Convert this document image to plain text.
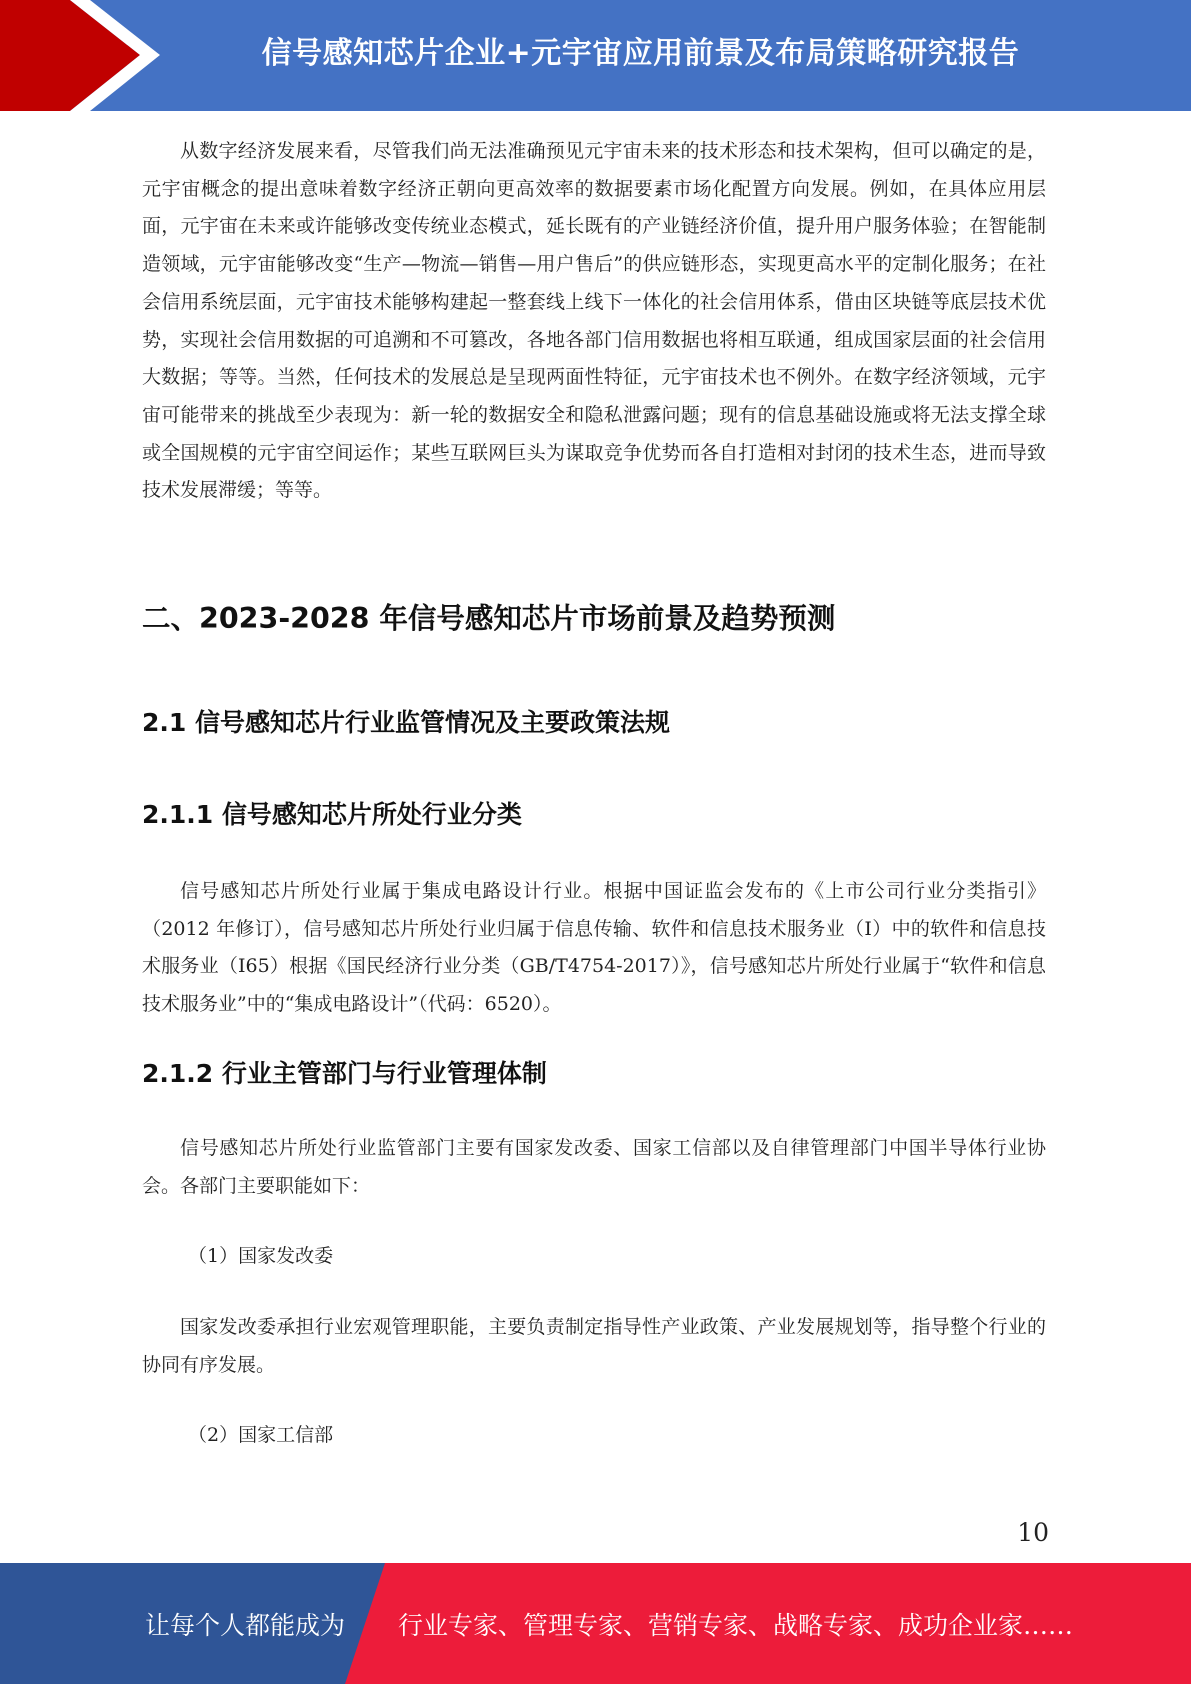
信号感知芯片企业+元宇宙应用前景及布局策略研究报告

从数字经济发展来看，尽管我们尚无法准确预见元宇宙未来的技术形态和技术架构，但可以确定的是，元宇宙概念的提出意味着数字经济正朝向更高效率的数据要素市场化配置方向发展。例如，在具体应用层面，元宇宙在未来或许能够改变传统业态模式，延长既有的产业链经济价值，提升用户服务体验；在智能制造领域，元宇宙能够改变“生产—物流—销售—用户售后”的供应链形态，实现更高水平的定制化服务；在社会信用系统层面，元宇宙技术能够构建起一整套线上线下一体化的社会信用体系，借由区块链等底层技术优势，实现社会信用数据的可追溯和不可篡改，各地各部门信用数据也将相互联通，组成国家层面的社会信用大数据；等等。当然，任何技术的发展总是呈现两面性特征，元宇宙技术也不例外。在数字经济领域，元宇宙可能带来的挑战至少表现为：新一轮的数据安全和隐私泄露问题；现有的信息基础设施或将无法支撑全球或全国规模的元宇宙空间运作；某些互联网巨头为谋取竞争优势而各自打造相对封闭的技术生态，进而导致技术发展滞缓；等等。

二、2023-2028 年信号感知芯片市场前景及趋势预测
2.1 信号感知芯片行业监管情况及主要政策法规
2.1.1 信号感知芯片所处行业分类

信号感知芯片所处行业属于集成电路设计行业。根据中国证监会发布的《上市公司行业分类指引》（2012 年修订），信号感知芯片所处行业归属于信息传输、软件和信息技术服务业（I）中的软件和信息技术服务业（I65）根据《国民经济行业分类（GB/T4754-2017）》，信号感知芯片所处行业属于“软件和信息技术服务业”中的“集成电路设计”（代码：6520）。

2.1.2 行业主管部门与行业管理体制

信号感知芯片所处行业监管部门主要有国家发改委、国家工信部以及自律管理部门中国半导体行业协会。各部门主要职能如下：

（1）国家发改委

国家发改委承担行业宏观管理职能，主要负责制定指导性产业政策、产业发展规划等，指导整个行业的协同有序发展。

（2）国家工信部

10
让每个人都能成为 行业专家、管理专家、营销专家、战略专家、成功企业家……
